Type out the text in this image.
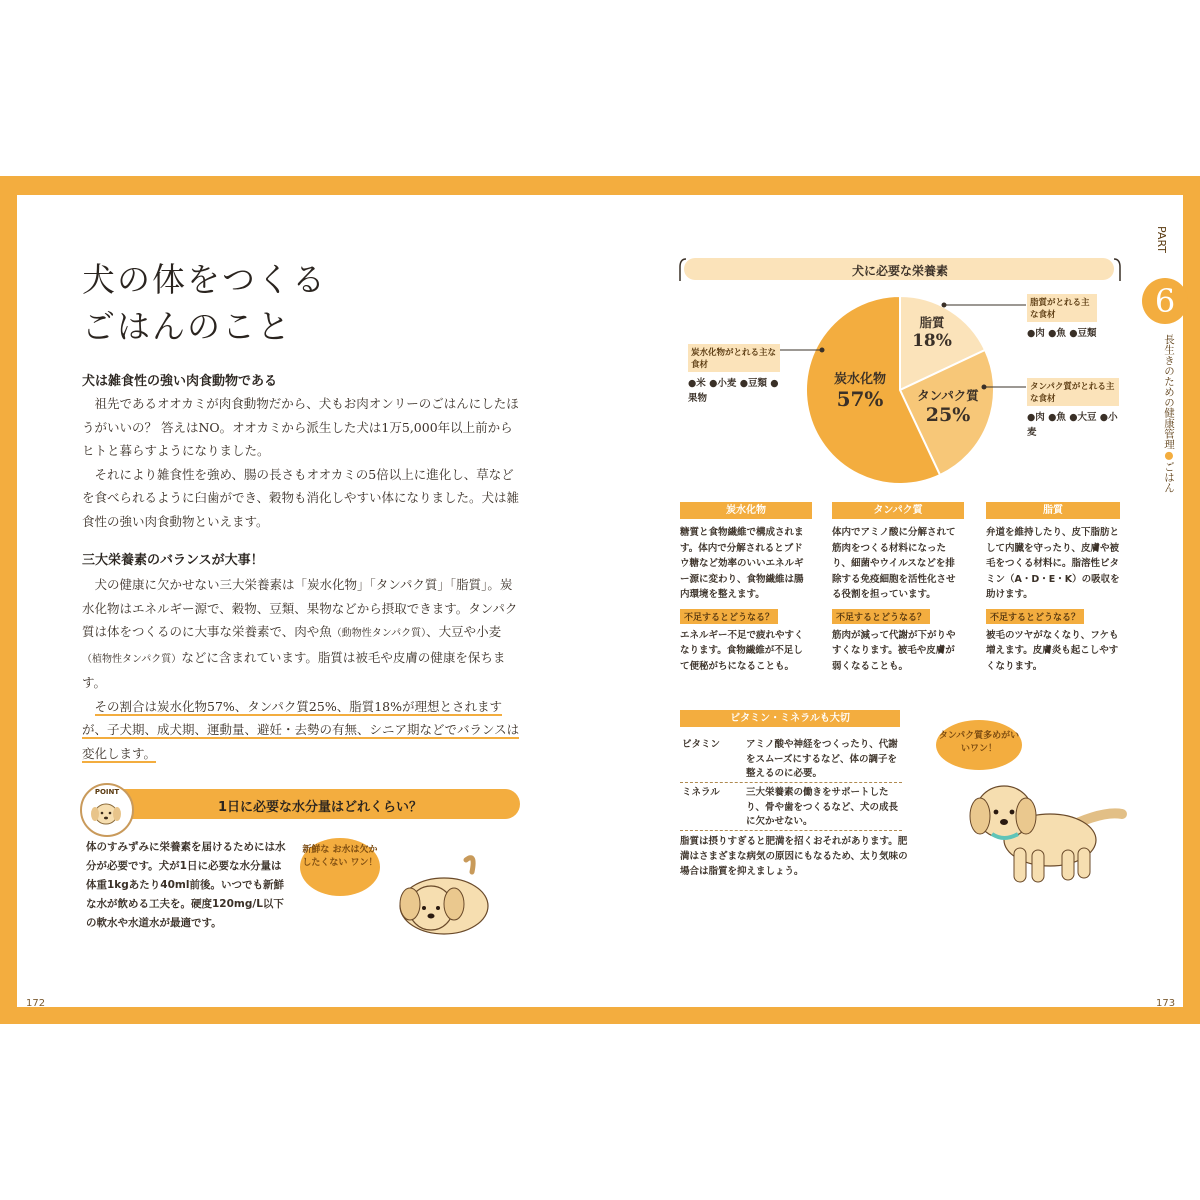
犬の体をつくる
ごはんのこと
犬は雑食性の強い肉食動物である

祖先であるオオカミが肉食動物だから、犬もお肉オンリーのごはんにしたほうがいいの？ 答えはNO。オオカミから派生した犬は1万5,000年以上前からヒトと暮らすようになりました。

それにより雑食性を強め、腸の長さもオオカミの5倍以上に進化し、草などを食べられるように臼歯ができ、穀物も消化しやすい体になりました。犬は雑食性の強い肉食動物といえます。

三大栄養素のバランスが大事！

犬の健康に欠かせない三大栄養素は「炭水化物」「タンパク質」「脂質」。炭水化物はエネルギー源で、穀物、豆類、果物などから摂取できます。タンパク質は体をつくるのに大事な栄養素で、肉や魚（動物性タンパク質）、大豆や小麦（植物性タンパク質）などに含まれています。脂質は被毛や皮膚の健康を保ちます。

その割合は炭水化物57%、タンパク質25%、脂質18%が理想とされますが、子犬期、成犬期、運動量、避妊・去勢の有無、シニア期などでバランスは変化します。

POINT
1日に必要な水分量はどれくらい？
体のすみずみに栄養素を届けるためには水分が必要です。犬が1日に必要な水分量は体重1kgあたり40ml前後。いつでも新鮮な水が飲める工夫を。硬度120mg/L以下の軟水や水道水が最適です。
新鮮な お水は欠かしたくない ワン！
172
PART
6
長生きのための健康管理●ごはん
犬に必要な栄養素
炭水化物
57%	タンパク質
25%
脂質
18%
炭水化物がとれる主な食材
●米 ●小麦 ●豆類 ●果物
脂質がとれる主な食材
●肉 ●魚 ●豆類
タンパク質がとれる主な食材
●肉 ●魚 ●大豆 ●小麦
炭水化物
糖質と食物繊維で構成されます。体内で分解されるとブドウ糖など効率のいいエネルギー源に変わり、食物繊維は腸内環境を整えます。
不足するとどうなる？
エネルギー不足で疲れやすくなります。食物繊維が不足して便秘がちになることも。
タンパク質
体内でアミノ酸に分解されて筋肉をつくる材料になったり、細菌やウイルスなどを排除する免疫細胞を活性化させる役割を担っています。
不足するとどうなる？
筋肉が減って代謝が下がりやすくなります。被毛や皮膚が弱くなることも。
脂質
弁道を維持したり、皮下脂肪として内臓を守ったり、皮膚や被毛をつくる材料に。脂溶性ビタミン（A・D・E・K）の吸収を助けます。
不足するとどうなる？
被毛のツヤがなくなり、フケも増えます。皮膚炎も起こしやすくなります。
ビタミン・ミネラルも大切
ビタミン	アミノ酸や神経をつくったり、代謝をスムーズにするなど、体の調子を整えるのに必要。
ミネラル	三大栄養素の働きをサポートしたり、骨や歯をつくるなど、犬の成長に欠かせない。
脂質は摂りすぎると肥満を招くおそれがあります。肥満はさまざまな病気の原因にもなるため、太り気味の場合は脂質を抑えましょう。
タンパク質多めがいいワン！
173
